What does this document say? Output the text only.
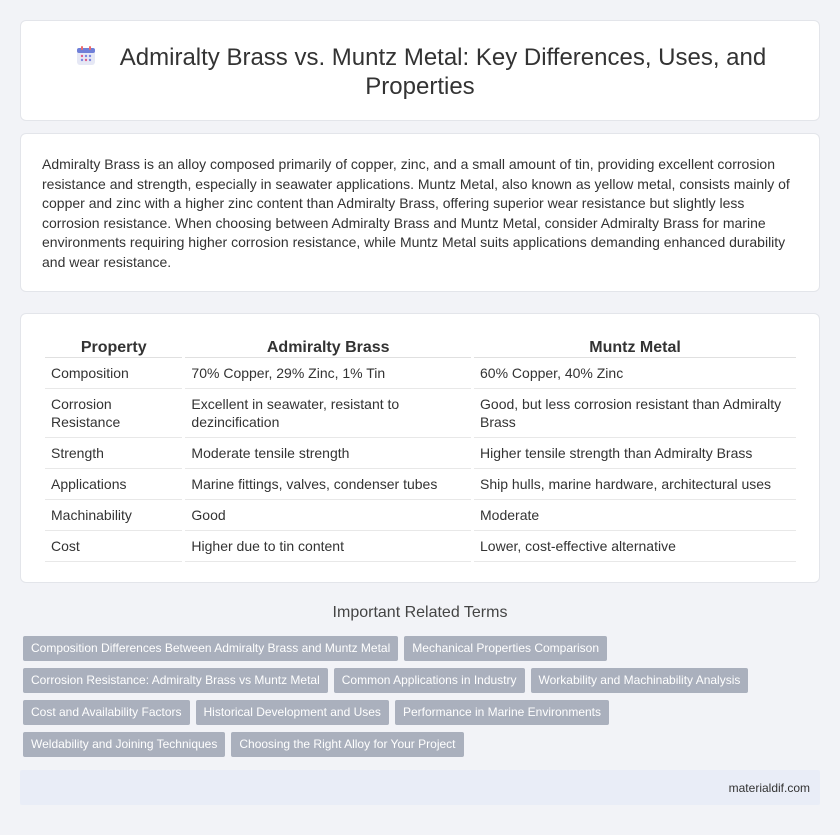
Admiralty Brass vs. Muntz Metal: Key Differences, Uses, and Properties

Admiralty Brass is an alloy composed primarily of copper, zinc, and a small amount of tin, providing excellent corrosion resistance and strength, especially in seawater applications. Muntz Metal, also known as yellow metal, consists mainly of copper and zinc with a higher zinc content than Admiralty Brass, offering superior wear resistance but slightly less corrosion resistance. When choosing between Admiralty Brass and Muntz Metal, consider Admiralty Brass for marine environments requiring higher corrosion resistance, while Muntz Metal suits applications demanding enhanced durability and wear resistance.

Property	Admiralty Brass	Muntz Metal
Composition	70% Copper, 29% Zinc, 1% Tin	60% Copper, 40% Zinc
Corrosion Resistance	Excellent in seawater, resistant to dezincification	Good, but less corrosion resistant than Admiralty Brass
Strength	Moderate tensile strength	Higher tensile strength than Admiralty Brass
Applications	Marine fittings, valves, condenser tubes	Ship hulls, marine hardware, architectural uses
Machinability	Good	Moderate
Cost	Higher due to tin content	Lower, cost-effective alternative
Important Related Terms
Composition Differences Between Admiralty Brass and Muntz Metal Mechanical Properties Comparison
Corrosion Resistance: Admiralty Brass vs Muntz Metal Common Applications in Industry Workability and Machinability Analysis
Cost and Availability Factors Historical Development and Uses Performance in Marine Environments
Weldability and Joining Techniques Choosing the Right Alloy for Your Project
materialdif.com
